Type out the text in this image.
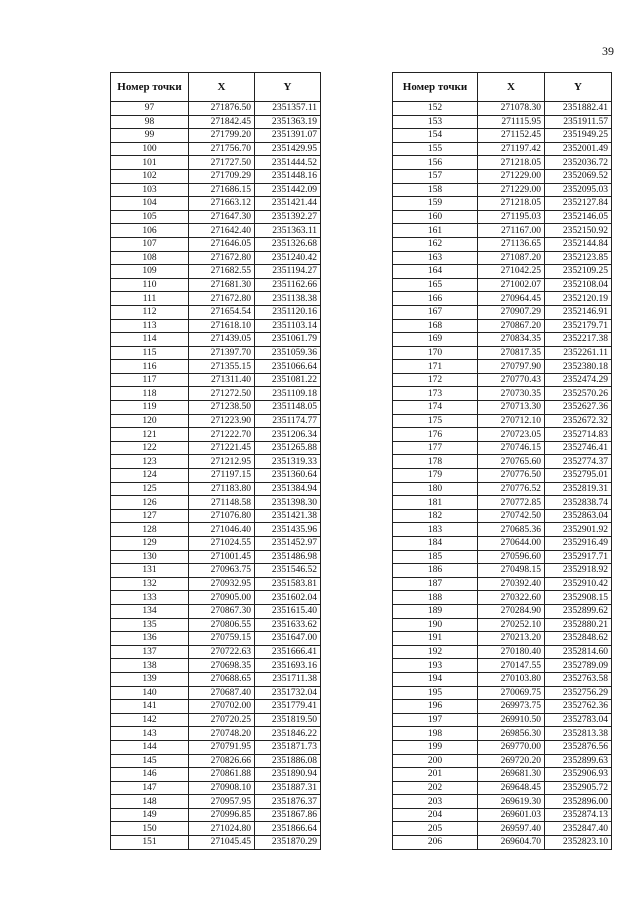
39
Номер точки	X	Y
97	271876.50	2351357.11
98	271842.45	2351363.19
99	271799.20	2351391.07
100	271756.70	2351429.95
101	271727.50	2351444.52
102	271709.29	2351448.16
103	271686.15	2351442.09
104	271663.12	2351421.44
105	271647.30	2351392.27
106	271642.40	2351363.11
107	271646.05	2351326.68
108	271672.80	2351240.42
109	271682.55	2351194.27
110	271681.30	2351162.66
111	271672.80	2351138.38
112	271654.54	2351120.16
113	271618.10	2351103.14
114	271439.05	2351061.79
115	271397.70	2351059.36
116	271355.15	2351066.64
117	271311.40	2351081.22
118	271272.50	2351109.18
119	271238.50	2351148.05
120	271223.90	2351174.77
121	271222.70	2351206.34
122	271221.45	2351265.88
123	271212.95	2351319.33
124	271197.15	2351360.64
125	271183.80	2351384.94
126	271148.58	2351398.30
127	271076.80	2351421.38
128	271046.40	2351435.96
129	271024.55	2351452.97
130	271001.45	2351486.98
131	270963.75	2351546.52
132	270932.95	2351583.81
133	270905.00	2351602.04
134	270867.30	2351615.40
135	270806.55	2351633.62
136	270759.15	2351647.00
137	270722.63	2351666.41
138	270698.35	2351693.16
139	270688.65	2351711.38
140	270687.40	2351732.04
141	270702.00	2351779.41
142	270720.25	2351819.50
143	270748.20	2351846.22
144	270791.95	2351871.73
145	270826.66	2351886.08
146	270861.88	2351890.94
147	270908.10	2351887.31
148	270957.95	2351876.37
149	270996.85	2351867.86
150	271024.80	2351866.64
151	271045.45	2351870.29
Номер точки	X	Y
152	271078.30	2351882.41
153	271115.95	2351911.57
154	271152.45	2351949.25
155	271197.42	2352001.49
156	271218.05	2352036.72
157	271229.00	2352069.52
158	271229.00	2352095.03
159	271218.05	2352127.84
160	271195.03	2352146.05
161	271167.00	2352150.92
162	271136.65	2352144.84
163	271087.20	2352123.85
164	271042.25	2352109.25
165	271002.07	2352108.04
166	270964.45	2352120.19
167	270907.29	2352146.91
168	270867.20	2352179.71
169	270834.35	2352217.38
170	270817.35	2352261.11
171	270797.90	2352380.18
172	270770.43	2352474.29
173	270730.35	2352570.26
174	270713.30	2352627.36
175	270712.10	2352672.32
176	270723.05	2352714.83
177	270746.15	2352746.41
178	270765.60	2352774.37
179	270776.50	2352795.01
180	270776.52	2352819.31
181	270772.85	2352838.74
182	270742.50	2352863.04
183	270685.36	2352901.92
184	270644.00	2352916.49
185	270596.60	2352917.71
186	270498.15	2352918.92
187	270392.40	2352910.42
188	270322.60	2352908.15
189	270284.90	2352899.62
190	270252.10	2352880.21
191	270213.20	2352848.62
192	270180.40	2352814.60
193	270147.55	2352789.09
194	270103.80	2352763.58
195	270069.75	2352756.29
196	269973.75	2352762.36
197	269910.50	2352783.04
198	269856.30	2352813.38
199	269770.00	2352876.56
200	269720.20	2352899.63
201	269681.30	2352906.93
202	269648.45	2352905.72
203	269619.30	2352896.00
204	269601.03	2352874.13
205	269597.40	2352847.40
206	269604.70	2352823.10
